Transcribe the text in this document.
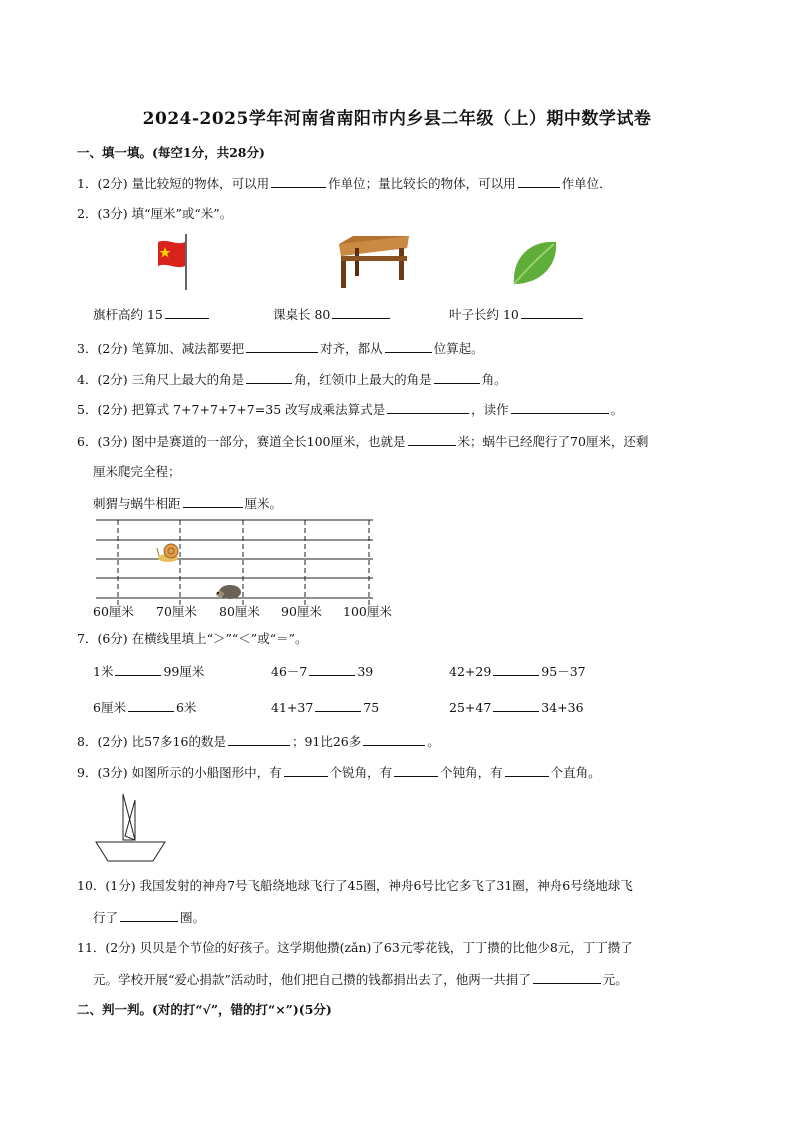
2024-2025学年河南省南阳市内乡县二年级（上）期中数学试卷
一、填一填。(每空1分，共28分)
1．(2分) 量比较短的物体，可以用	作单位；量比较长的物体，可以用	作单位．
2．(3分) 填“厘米”或“米”。
旗杆高约 15	课桌长 80	叶子长约 10
3．(2分) 笔算加、减法都要把	对齐，都从	位算起。
4．(2分) 三角尺上最大的角是	角，红领巾上最大的角是	角。
5．(2分) 把算式 7+7+7+7+7=35 改写成乘法算式是	，读作	。
6．(3分) 图中是赛道的一部分，赛道全长100厘米，也就是	米；蜗牛已经爬行了70厘米，还剩
厘米爬完全程；
刺猬与蜗牛相距	厘米。
60厘米 70厘米 80厘米 90厘米 100厘米
7．(6分) 在横线里填上“＞”“＜”或“＝”。
1米	99厘米	46－7	39	42+29	95－37
6厘米	6米	41+37	75	25+47	34+36
8．(2分) 比57多16的数是	；91比26多	。
9．(3分) 如图所示的小船图形中，有	个锐角，有	个钝角，有	个直角。
10．(1分) 我国发射的神舟7号飞船绕地球飞行了45圈，神舟6号比它多飞了31圈，神舟6号绕地球飞
行了	圈。
11．(2分) 贝贝是个节俭的好孩子。这学期他攒(zǎn)了63元零花钱，丁丁攒的比他少8元，丁丁攒了
元。学校开展“爱心捐款”活动时，他们把自己攒的钱都捐出去了，他两一共捐了	元。
二、判一判。(对的打“√”，错的打“×”)(5分)
